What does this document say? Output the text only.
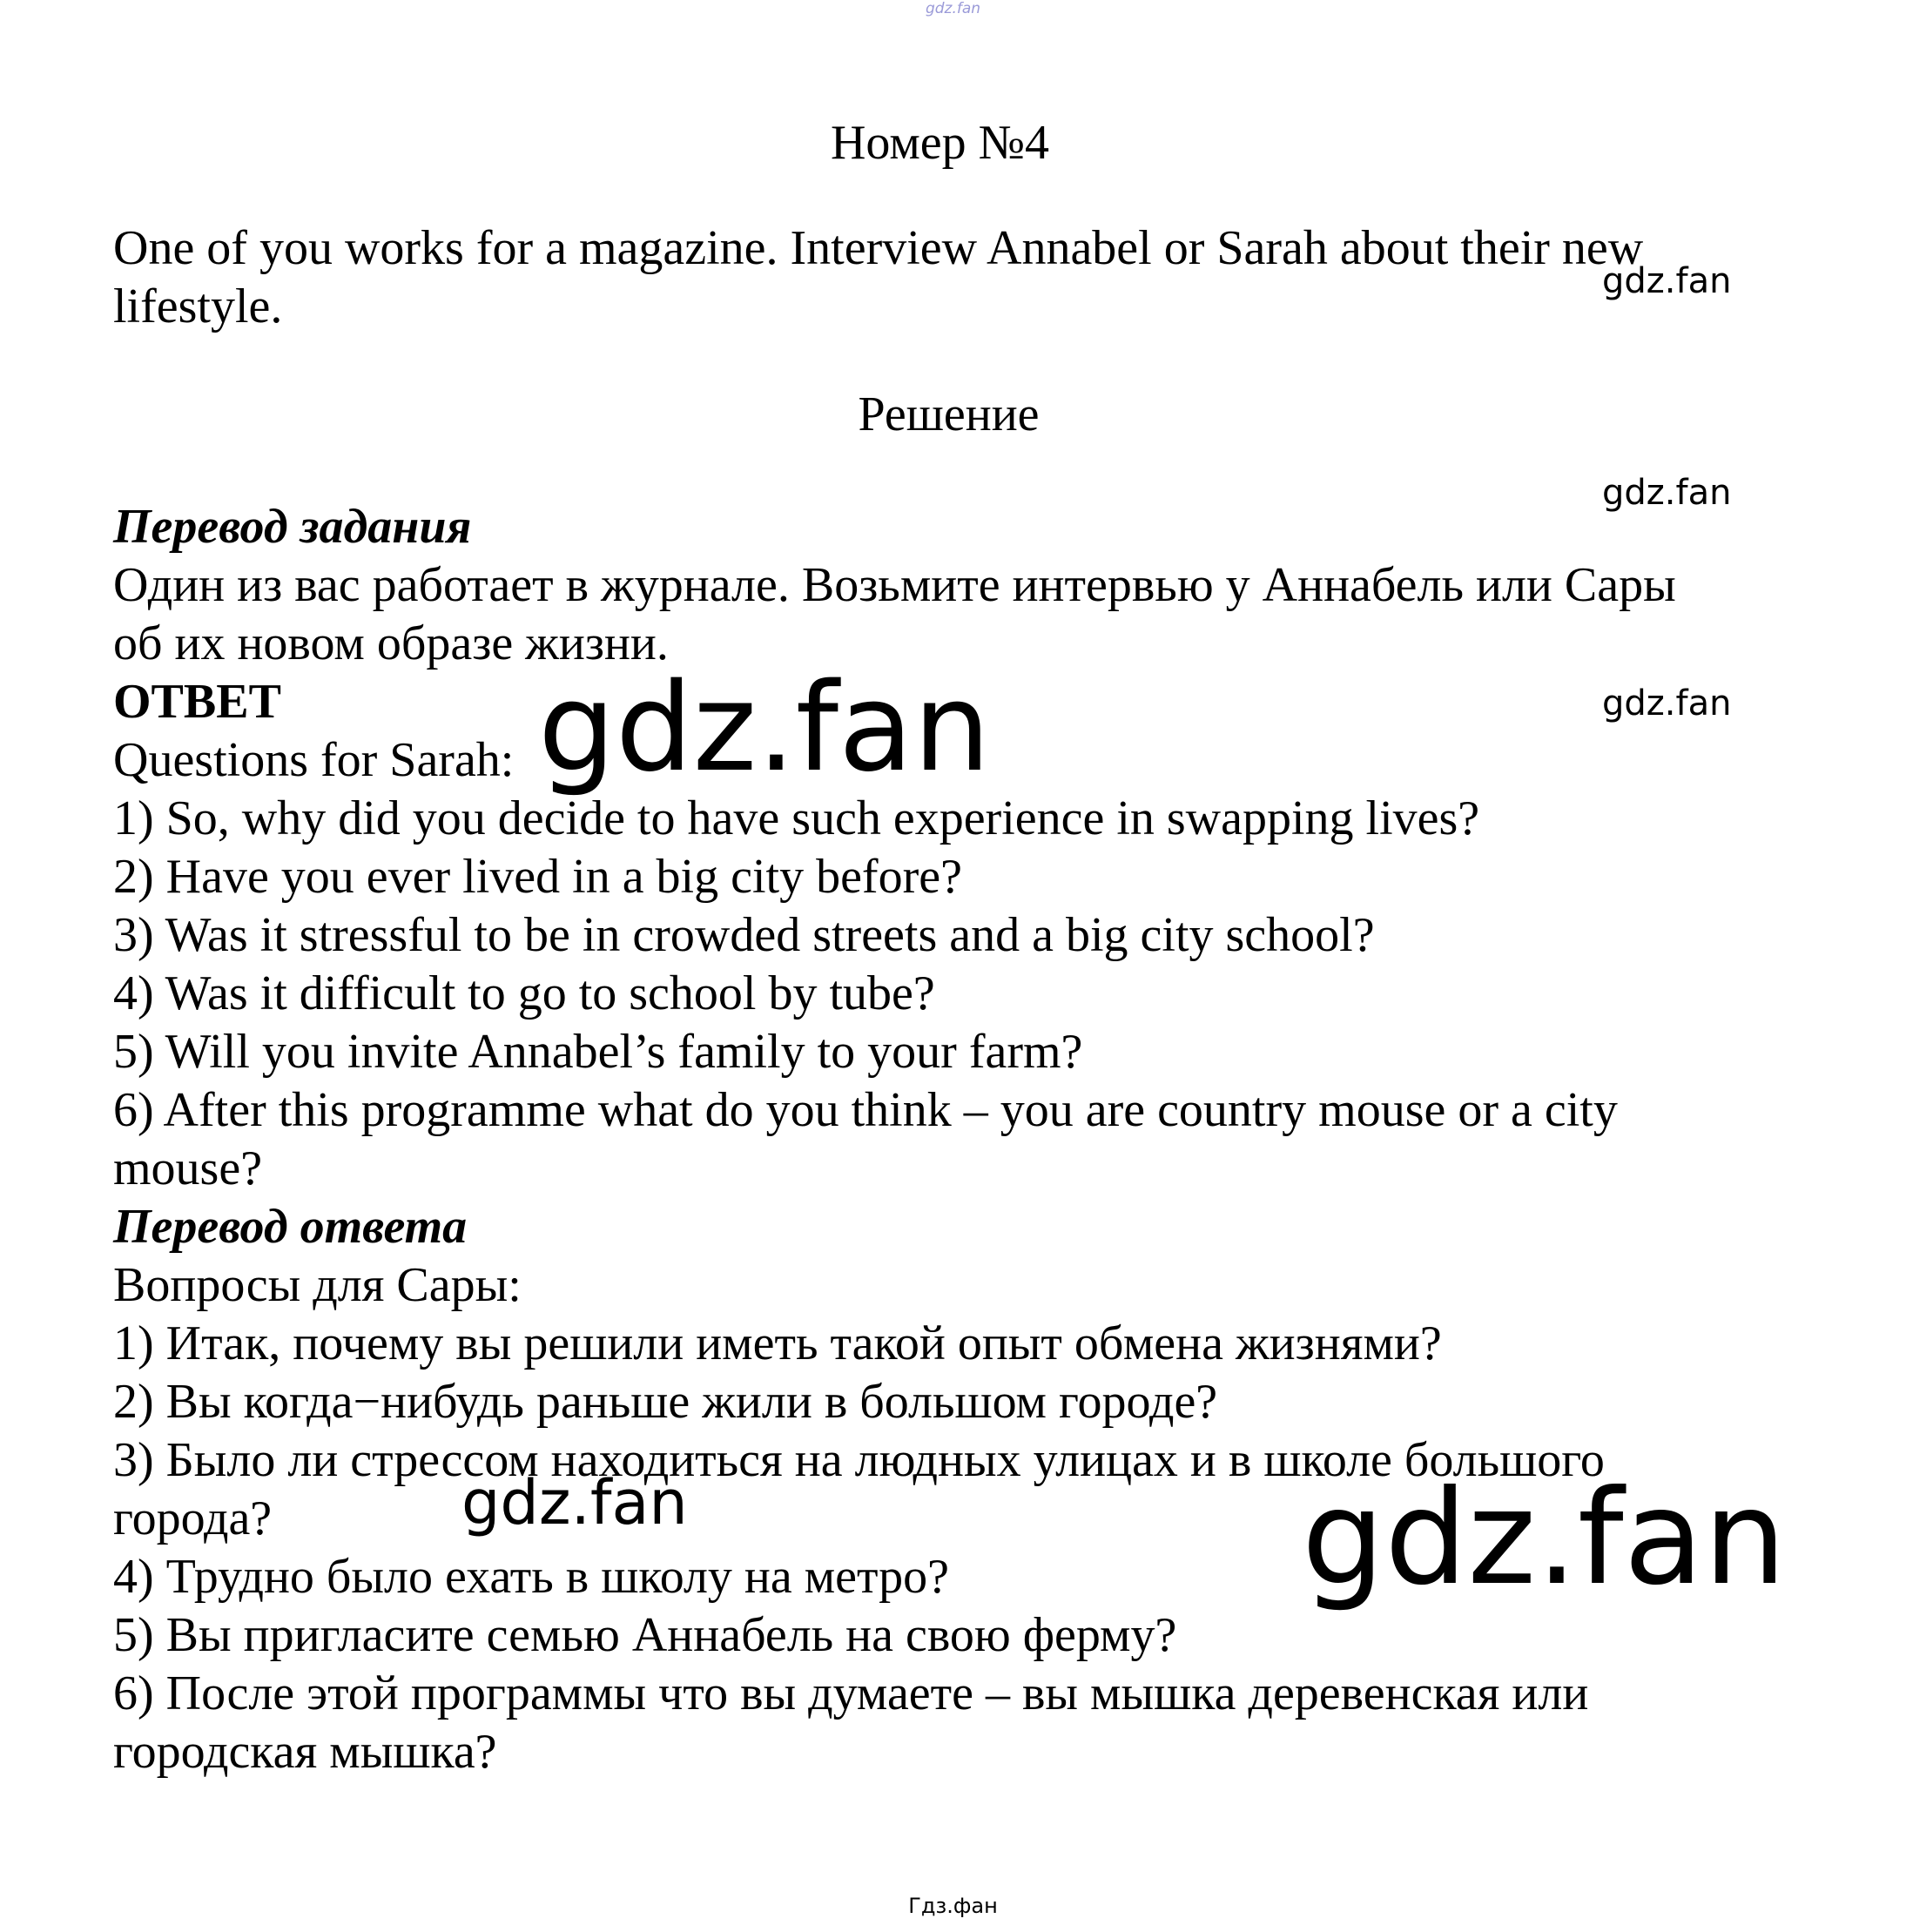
gdz.fan
Номер №4
One of you works for a magazine. Interview Annabel or Sarah about their new
lifestyle.
Решение
Перевод задания
Один из вас работает в журнале. Возьмите интервью у Аннабель или Сары
об их новом образе жизни.
ОТВЕТ
Questions for Sarah:
1) So, why did you decide to have such experience in swapping lives?
2) Have you ever lived in a big city before?
3) Was it stressful to be in crowded streets and a big city school?
4) Was it difficult to go to school by tube?
5) Will you invite Annabel’s family to your farm?
6) After this programme what do you think – you are country mouse or a city
mouse?
Перевод ответа
Вопросы для Сары:
1) Итак, почему вы решили иметь такой опыт обмена жизнями?
2) Вы когда−нибудь раньше жили в большом городе?
3) Было ли стрессом находиться на людных улицах и в школе большого
города?
4) Трудно было ехать в школу на метро?
5) Вы пригласите семью Аннабель на свою ферму?
6) После этой программы что вы думаете – вы мышка деревенская или
городская мышка?
gdz.fan
gdz.fan
gdz.fan
gdz.fan
gdz.fan	gdz.fan
Гдз.фан
